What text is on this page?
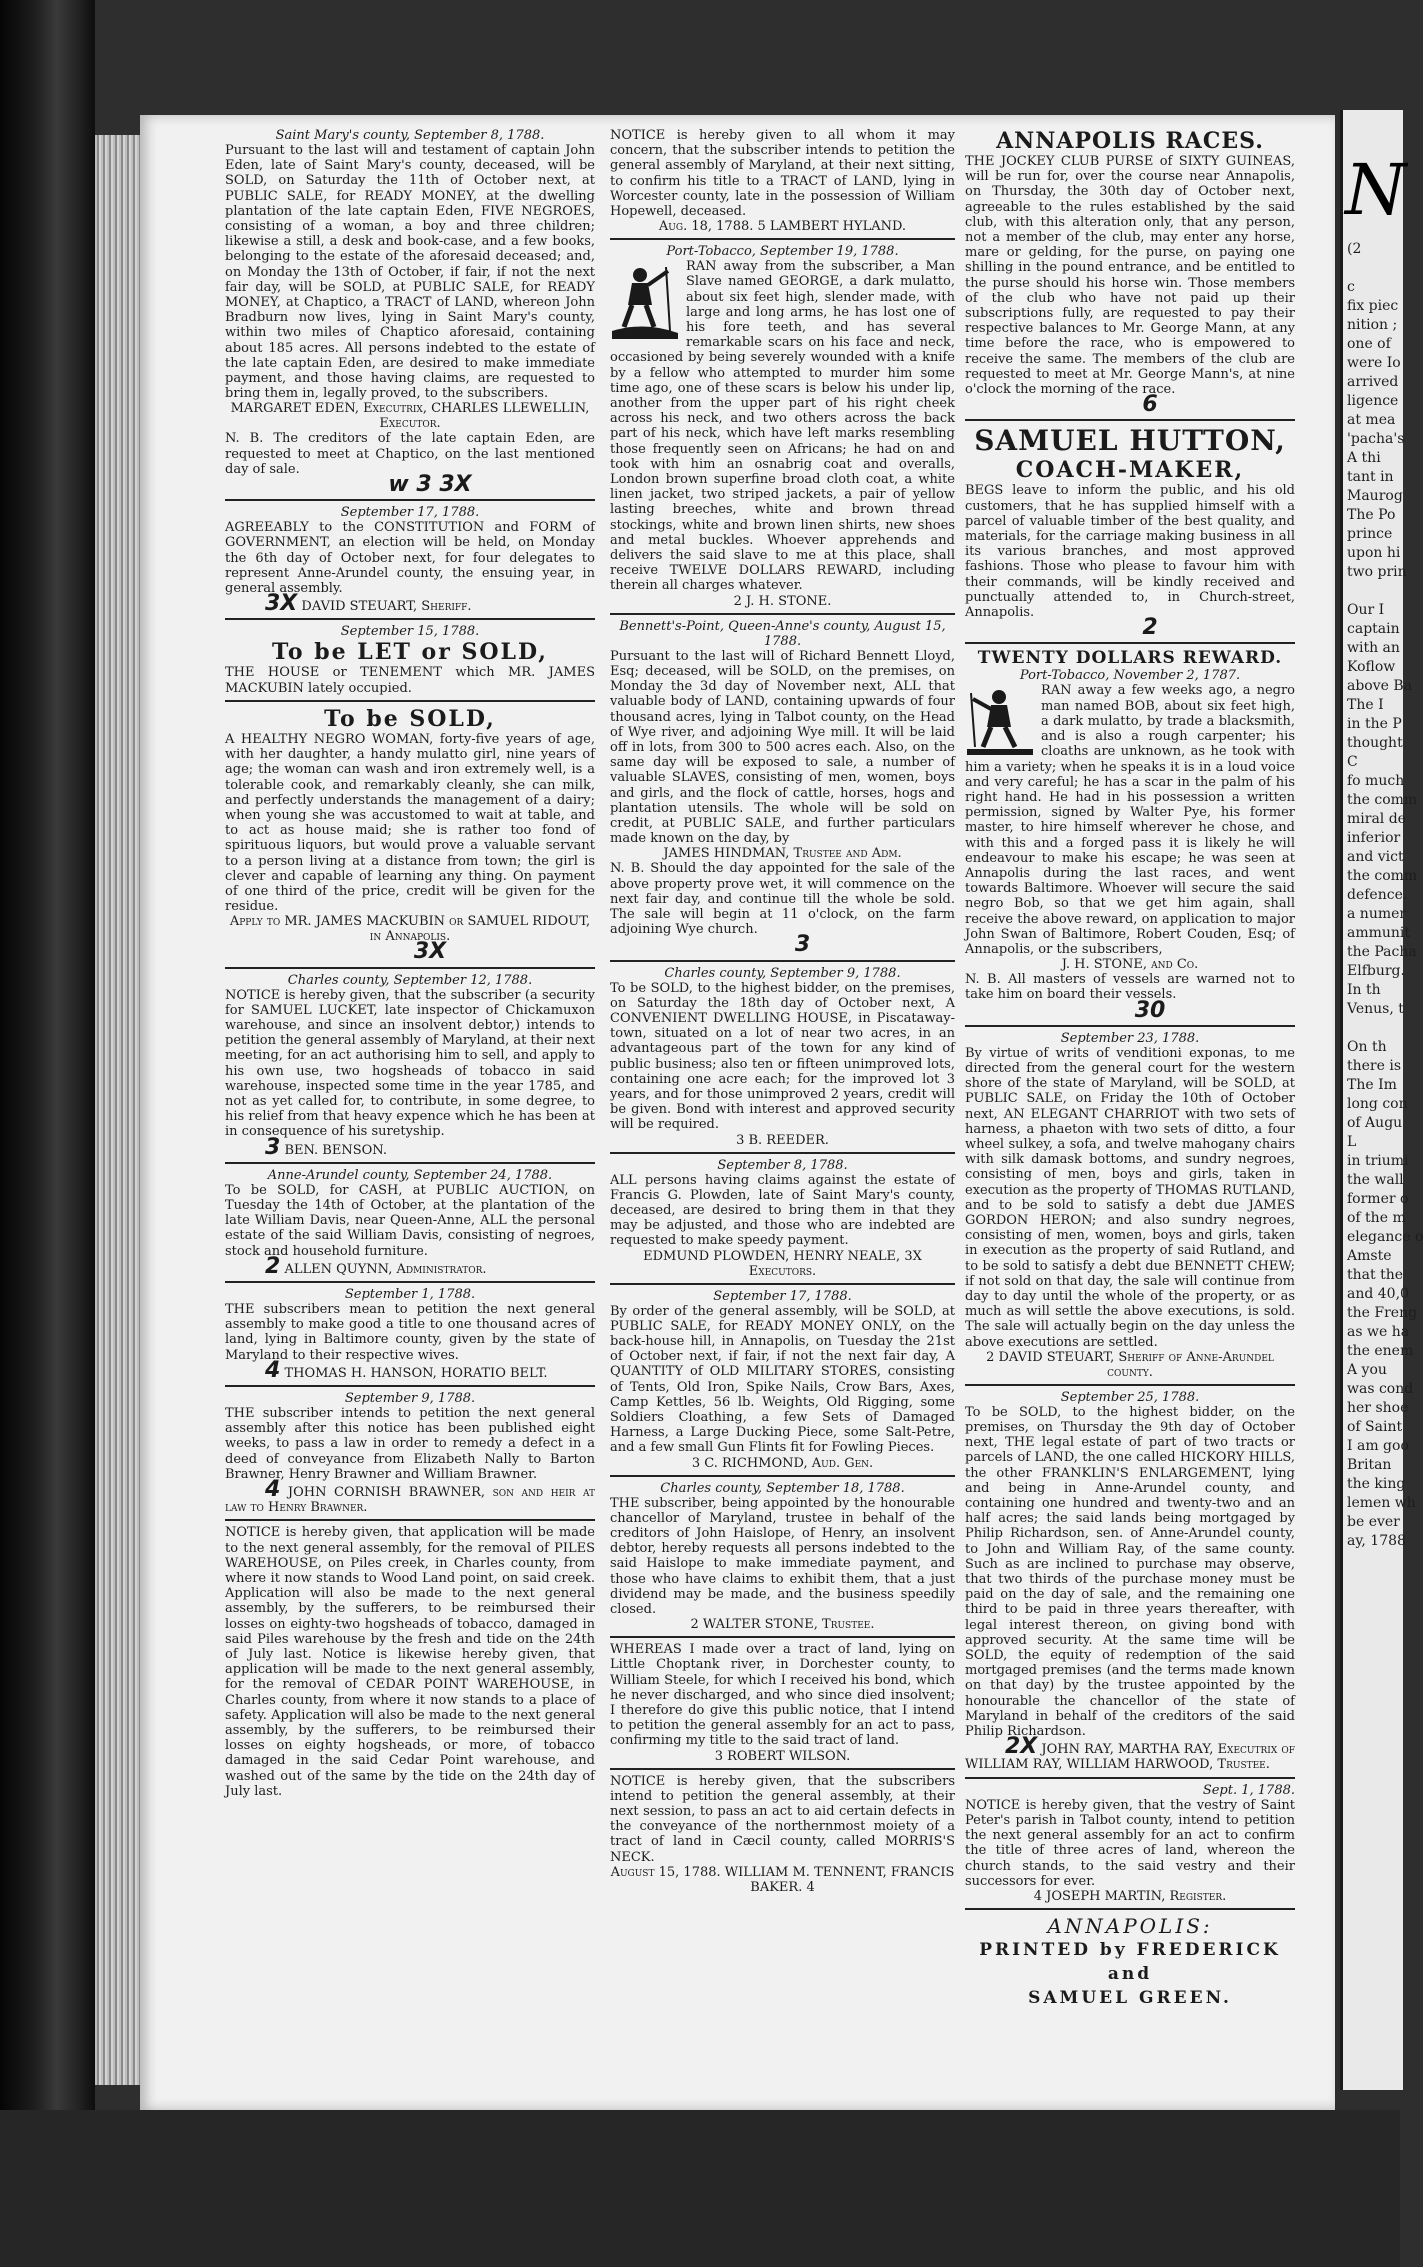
Saint Mary's county, September 8, 1788.
Pursuant to the last will and testament of captain John Eden, late of Saint Mary's county, deceased, will be SOLD, on Saturday the 11th of October next, at PUBLIC SALE, for READY MONEY, at the dwelling plantation of the late captain Eden, FIVE NEGROES, consisting of a woman, a boy and three children; likewise a still, a desk and book-case, and a few books, belonging to the estate of the aforesaid deceased; and, on Monday the 13th of October, if fair, if not the next fair day, will be SOLD, at PUBLIC SALE, for READY MONEY, at Chaptico, a TRACT of LAND, whereon John Bradburn now lives, lying in Saint Mary's county, within two miles of Chaptico aforesaid, containing about 185 acres. All persons indebted to the estate of the late captain Eden, are desired to make immediate payment, and those having claims, are requested to bring them in, legally proved, to the subscribers.
MARGARET EDEN, Executrix, CHARLES LLEWELLIN, Executor.
N. B. The creditors of the late captain Eden, are requested to meet at Chaptico, on the last mentioned day of sale.
w 3 3X
September 17, 1788.
AGREEABLY to the CONSTITUTION and FORM of GOVERNMENT, an election will be held, on Monday the 6th day of October next, for four delegates to represent Anne-Arundel county, the ensuing year, in general assembly.
3X DAVID STEUART, Sheriff.
September 15, 1788.
To be LET or SOLD,
THE HOUSE or TENEMENT which MR. JAMES MACKUBIN lately occupied.
To be SOLD,
A HEALTHY NEGRO WOMAN, forty-five years of age, with her daughter, a handy mulatto girl, nine years of age; the woman can wash and iron extremely well, is a tolerable cook, and remarkably cleanly, she can milk, and perfectly understands the management of a dairy; when young she was accustomed to wait at table, and to act as house maid; she is rather too fond of spirituous liquors, but would prove a valuable servant to a person living at a distance from town; the girl is clever and capable of learning any thing. On payment of one third of the price, credit will be given for the residue.
Apply to MR. JAMES MACKUBIN or SAMUEL RIDOUT, in Annapolis.
3X
Charles county, September 12, 1788.
NOTICE is hereby given, that the subscriber (a security for SAMUEL LUCKET, late inspector of Chickamuxon warehouse, and since an insolvent debtor,) intends to petition the general assembly of Maryland, at their next meeting, for an act authorising him to sell, and apply to his own use, two hogsheads of tobacco in said warehouse, inspected some time in the year 1785, and not as yet called for, to contribute, in some degree, to his relief from that heavy expence which he has been at in consequence of his suretyship.
3 BEN. BENSON.
Anne-Arundel county, September 24, 1788.
To be SOLD, for CASH, at PUBLIC AUCTION, on Tuesday the 14th of October, at the plantation of the late William Davis, near Queen-Anne, ALL the personal estate of the said William Davis, consisting of negroes, stock and household furniture.
2 ALLEN QUYNN, Administrator.
September 1, 1788.
THE subscribers mean to petition the next general assembly to make good a title to one thousand acres of land, lying in Baltimore county, given by the state of Maryland to their respective wives.
4 THOMAS H. HANSON, HORATIO BELT.
September 9, 1788.
THE subscriber intends to petition the next general assembly after this notice has been published eight weeks, to pass a law in order to remedy a defect in a deed of conveyance from Elizabeth Nally to Barton Brawner, Henry Brawner and William Brawner.
4 JOHN CORNISH BRAWNER, son and heir at law to Henry Brawner.
NOTICE is hereby given, that application will be made to the next general assembly, for the removal of PILES WAREHOUSE, on Piles creek, in Charles county, from where it now stands to Wood Land point, on said creek. Application will also be made to the next general assembly, by the sufferers, to be reimbursed their losses on eighty-two hogsheads of tobacco, damaged in said Piles warehouse by the fresh and tide on the 24th of July last. Notice is likewise hereby given, that application will be made to the next general assembly, for the removal of CEDAR POINT WAREHOUSE, in Charles county, from where it now stands to a place of safety. Application will also be made to the next general assembly, by the sufferers, to be reimbursed their losses on eighty hogsheads, or more, of tobacco damaged in the said Cedar Point warehouse, and washed out of the same by the tide on the 24th day of July last.
NOTICE is hereby given to all whom it may concern, that the subscriber intends to petition the general assembly of Maryland, at their next sitting, to confirm his title to a TRACT of LAND, lying in Worcester county, late in the possession of William Hopewell, deceased.
Aug. 18, 1788. 5 LAMBERT HYLAND.
Port-Tobacco, September 19, 1788.
RAN away from the subscriber, a Man Slave named GEORGE, a dark mulatto, about six feet high, slender made, with large and long arms, he has lost one of his fore teeth, and has several remarkable scars on his face and neck, occasioned by being severely wounded with a knife by a fellow who attempted to murder him some time ago, one of these scars is below his under lip, another from the upper part of his right cheek across his neck, and two others across the back part of his neck, which have left marks resembling those frequently seen on Africans; he had on and took with him an osnabrig coat and overalls, London brown superfine broad cloth coat, a white linen jacket, two striped jackets, a pair of yellow lasting breeches, white and brown thread stockings, white and brown linen shirts, new shoes and metal buckles. Whoever apprehends and delivers the said slave to me at this place, shall receive TWELVE DOLLARS REWARD, including therein all charges whatever.
2 J. H. STONE.
Bennett's-Point, Queen-Anne's county, August 15, 1788.
Pursuant to the last will of Richard Bennett Lloyd, Esq; deceased, will be SOLD, on the premises, on Monday the 3d day of November next, ALL that valuable body of LAND, containing upwards of four thousand acres, lying in Talbot county, on the Head of Wye river, and adjoining Wye mill. It will be laid off in lots, from 300 to 500 acres each. Also, on the same day will be exposed to sale, a number of valuable SLAVES, consisting of men, women, boys and girls, and the flock of cattle, horses, hogs and plantation utensils. The whole will be sold on credit, at PUBLIC SALE, and further particulars made known on the day, by
JAMES HINDMAN, Trustee and Adm.
N. B. Should the day appointed for the sale of the above property prove wet, it will commence on the next fair day, and continue till the whole be sold. The sale will begin at 11 o'clock, on the farm adjoining Wye church.
3
Charles county, September 9, 1788.
To be SOLD, to the highest bidder, on the premises, on Saturday the 18th day of October next, A CONVENIENT DWELLING HOUSE, in Piscataway-town, situated on a lot of near two acres, in an advantageous part of the town for any kind of public business; also ten or fifteen unimproved lots, containing one acre each; for the improved lot 3 years, and for those unimproved 2 years, credit will be given. Bond with interest and approved security will be required.
3 B. REEDER.
September 8, 1788.
ALL persons having claims against the estate of Francis G. Plowden, late of Saint Mary's county, deceased, are desired to bring them in that they may be adjusted, and those who are indebted are requested to make speedy payment.
EDMUND PLOWDEN, HENRY NEALE, 3X Executors.
September 17, 1788.
By order of the general assembly, will be SOLD, at PUBLIC SALE, for READY MONEY ONLY, on the back-house hill, in Annapolis, on Tuesday the 21st of October next, if fair, if not the next fair day, A QUANTITY of OLD MILITARY STORES, consisting of Tents, Old Iron, Spike Nails, Crow Bars, Axes, Camp Kettles, 56 lb. Weights, Old Rigging, some Soldiers Cloathing, a few Sets of Damaged Harness, a Large Ducking Piece, some Salt-Petre, and a few small Gun Flints fit for Fowling Pieces.
3 C. RICHMOND, Aud. Gen.
Charles county, September 18, 1788.
THE subscriber, being appointed by the honourable chancellor of Maryland, trustee in behalf of the creditors of John Haislope, of Henry, an insolvent debtor, hereby requests all persons indebted to the said Haislope to make immediate payment, and those who have claims to exhibit them, that a just dividend may be made, and the business speedily closed.
2 WALTER STONE, Trustee.
WHEREAS I made over a tract of land, lying on Little Choptank river, in Dorchester county, to William Steele, for which I received his bond, which he never discharged, and who since died insolvent; I therefore do give this public notice, that I intend to petition the general assembly for an act to pass, confirming my title to the said tract of land.
3 ROBERT WILSON.
NOTICE is hereby given, that the subscribers intend to petition the general assembly, at their next session, to pass an act to aid certain defects in the conveyance of the northernmost moiety of a tract of land in Cæcil county, called MORRIS'S NECK.
August 15, 1788. WILLIAM M. TENNENT, FRANCIS BAKER. 4
ANNAPOLIS RACES.
THE JOCKEY CLUB PURSE of SIXTY GUINEAS, will be run for, over the course near Annapolis, on Thursday, the 30th day of October next, agreeable to the rules established by the said club, with this alteration only, that any person, not a member of the club, may enter any horse, mare or gelding, for the purse, on paying one shilling in the pound entrance, and be entitled to the purse should his horse win. Those members of the club who have not paid up their subscriptions fully, are requested to pay their respective balances to Mr. George Mann, at any time before the race, who is empowered to receive the same. The members of the club are requested to meet at Mr. George Mann's, at nine o'clock the morning of the race.
6
SAMUEL HUTTON,
COACH-MAKER,
BEGS leave to inform the public, and his old customers, that he has supplied himself with a parcel of valuable timber of the best quality, and materials, for the carriage making business in all its various branches, and most approved fashions. Those who please to favour him with their commands, will be kindly received and punctually attended to, in Church-street, Annapolis.
2
TWENTY DOLLARS REWARD.
Port-Tobacco, November 2, 1787.
RAN away a few weeks ago, a negro man named BOB, about six feet high, a dark mulatto, by trade a blacksmith, and is also a rough carpenter; his cloaths are unknown, as he took with him a variety; when he speaks it is in a loud voice and very careful; he has a scar in the palm of his right hand. He had in his possession a written permission, signed by Walter Pye, his former master, to hire himself wherever he chose, and with this and a forged pass it is likely he will endeavour to make his escape; he was seen at Annapolis during the last races, and went towards Baltimore. Whoever will secure the said negro Bob, so that we get him again, shall receive the above reward, on application to major John Swan of Baltimore, Robert Couden, Esq; of Annapolis, or the subscribers,
J. H. STONE, and Co.
N. B. All masters of vessels are warned not to take him on board their vessels.
30
September 23, 1788.
By virtue of writs of venditioni exponas, to me directed from the general court for the western shore of the state of Maryland, will be SOLD, at PUBLIC SALE, on Friday the 10th of October next, AN ELEGANT CHARRIOT with two sets of harness, a phaeton with two sets of ditto, a four wheel sulkey, a sofa, and twelve mahogany chairs with silk damask bottoms, and sundry negroes, consisting of men, boys and girls, taken in execution as the property of THOMAS RUTLAND, and to be sold to satisfy a debt due JAMES GORDON HERON; and also sundry negroes, consisting of men, women, boys and girls, taken in execution as the property of said Rutland, and to be sold to satisfy a debt due BENNETT CHEW; if not sold on that day, the sale will continue from day to day until the whole of the property, or as much as will settle the above executions, is sold. The sale will actually begin on the day unless the above executions are settled.
2 DAVID STEUART, Sheriff of Anne-Arundel county.
September 25, 1788.
To be SOLD, to the highest bidder, on the premises, on Thursday the 9th day of October next, THE legal estate of part of two tracts or parcels of LAND, the one called HICKORY HILLS, the other FRANKLIN'S ENLARGEMENT, lying and being in Anne-Arundel county, and containing one hundred and twenty-two and an half acres; the said lands being mortgaged by Philip Richardson, sen. of Anne-Arundel county, to John and William Ray, of the same county. Such as are inclined to purchase may observe, that two thirds of the purchase money must be paid on the day of sale, and the remaining one third to be paid in three years thereafter, with legal interest thereon, on giving bond with approved security. At the same time will be SOLD, the equity of redemption of the said mortgaged premises (and the terms made known on that day) by the trustee appointed by the honourable the chancellor of the state of Maryland in behalf of the creditors of the said Philip Richardson.
2X JOHN RAY, MARTHA RAY, Executrix of WILLIAM RAY, WILLIAM HARWOOD, Trustee.
Sept. 1, 1788.
NOTICE is hereby given, that the vestry of Saint Peter's parish in Talbot county, intend to petition the next general assembly for an act to confirm the title of three acres of land, whereon the church stands, to the said vestry and their successors for ever.
4 JOSEPH MARTIN, Register.
ANNAPOLIS:
PRINTED by FREDERICK and
SAMUEL GREEN.
N
(2

c
fix piec
nition ;
one of
were Io
arrived
ligence
at mea
'pacha's
A thi
tant in
Maurog
The Po
prince
upon hi
two prin

Our I
captain
with an
Koflow
above Ba
The I
in the P
thought
C
fo much
the comm
miral de
inferior
and vict
the comm
defence.
a numer
ammunit
the Pacha
Elfburg.
In th
Venus, t

On th
there is
The Im
long con
of Augu
L
in triumi
the wall
former o
of the m
elegance o
Amste
that the
and 40,0
the Freng
as we ha
the enem
A you
was cond
her shoe
of Saint
I am goo
Britan
the king
lemen wh
be ever
ay, 1788
